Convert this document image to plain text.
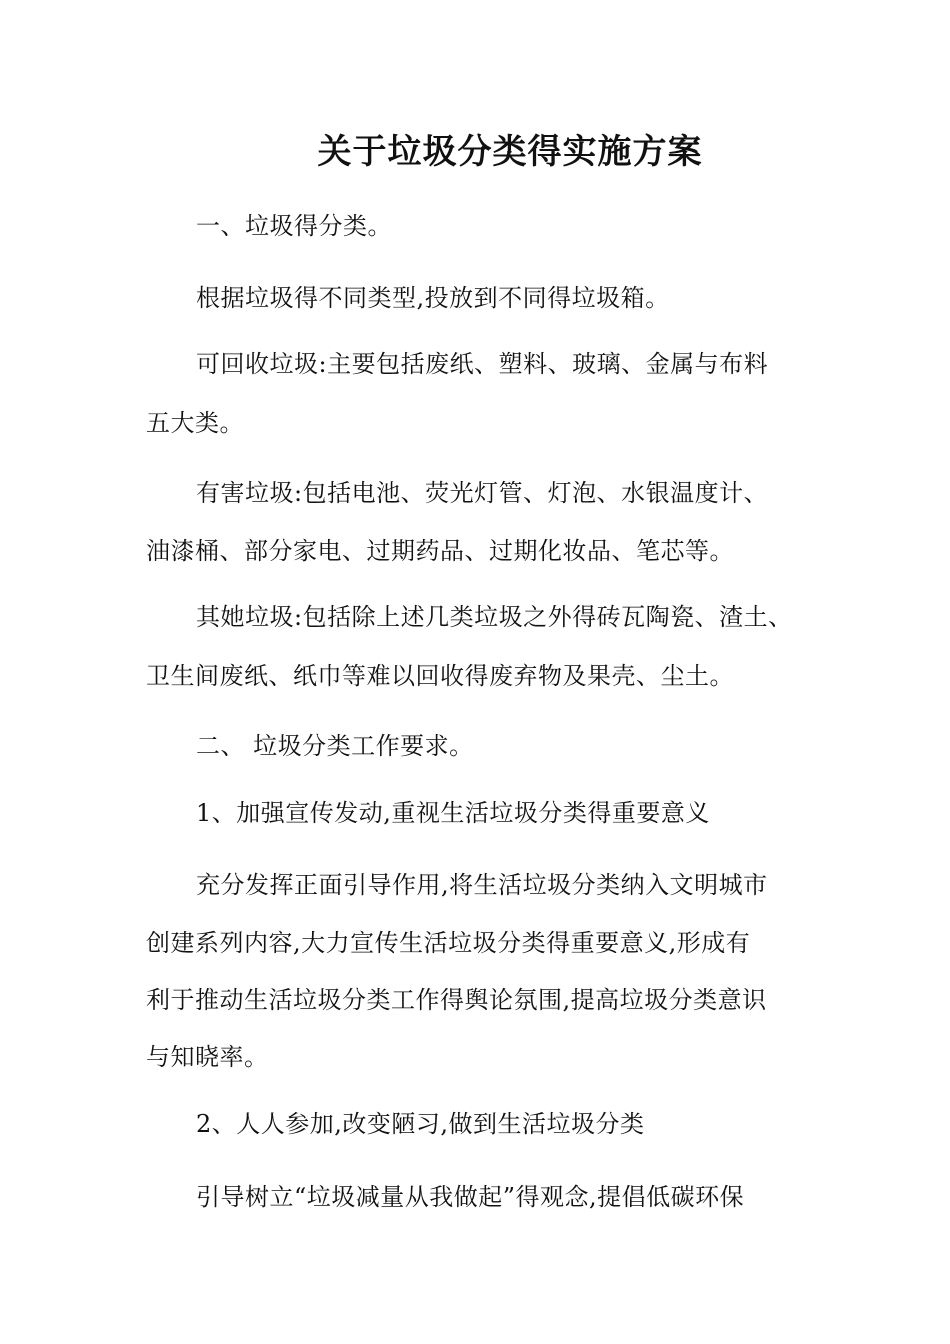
关于垃圾分类得实施方案
一、垃圾得分类。
根据垃圾得不同类型,投放到不同得垃圾箱。
可回收垃圾:主要包括废纸、塑料、玻璃、金属与布料
五大类。
有害垃圾:包括电池、荧光灯管、灯泡、水银温度计、
油漆桶、部分家电、过期药品、过期化妆品、笔芯等。
其她垃圾:包括除上述几类垃圾之外得砖瓦陶瓷、渣土、
卫生间废纸、纸巾等难以回收得废弃物及果壳、尘土。
二、 垃圾分类工作要求。
1、加强宣传发动,重视生活垃圾分类得重要意义
充分发挥正面引导作用,将生活垃圾分类纳入文明城市
创建系列内容,大力宣传生活垃圾分类得重要意义,形成有
利于推动生活垃圾分类工作得舆论氛围,提高垃圾分类意识
与知晓率。
2、人人参加,改变陋习,做到生活垃圾分类
引导树立“垃圾减量从我做起”得观念,提倡低碳环保
